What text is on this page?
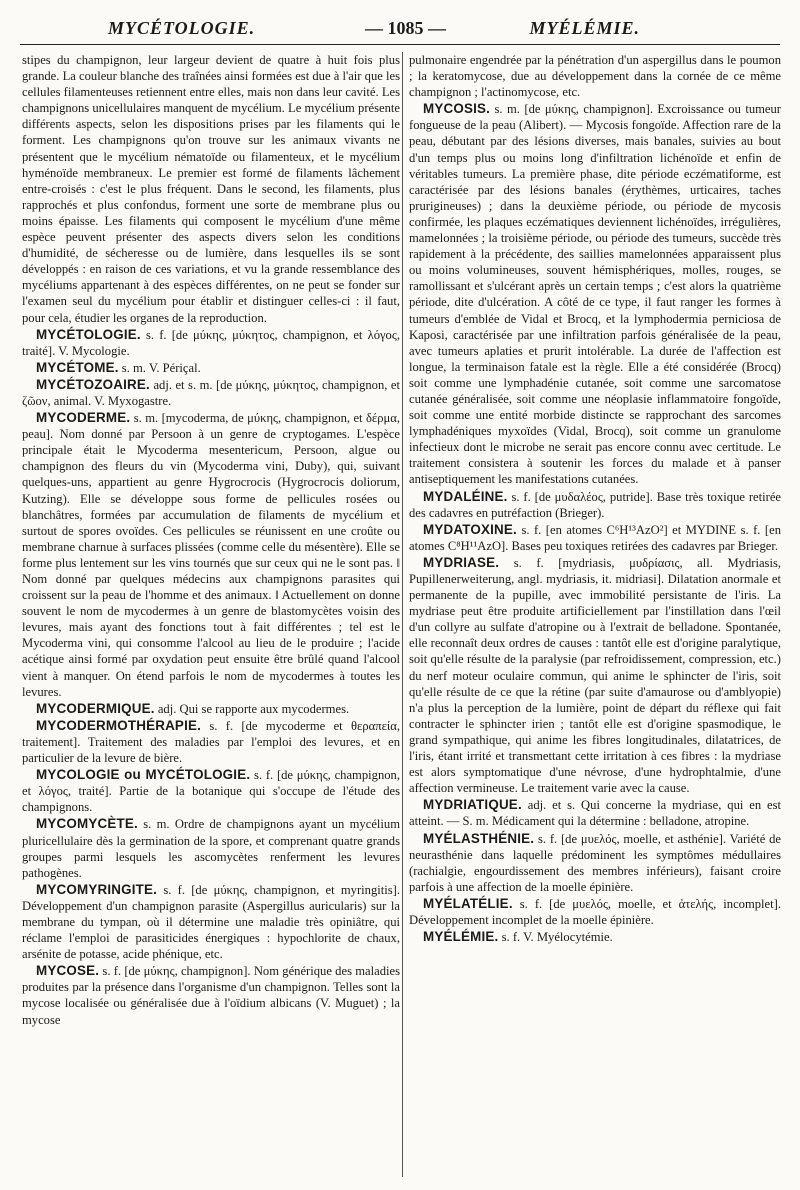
MYCÉTOLOGIE.	— 1085 —	MYÉLÉMIE.

stipes du champignon, leur largeur devient de quatre à huit fois plus grande. La couleur blanche des traînées ainsi formées est due à l'air que les cellules filamenteuses retiennent entre elles, mais non dans leur cavité. Les champignons unicellulaires manquent de mycélium. Le mycélium présente différents aspects, selon les dispositions prises par les filaments qui le forment. Les champignons qu'on trouve sur les animaux vivants ne présentent que le mycélium nématoïde ou filamenteux, et le mycélium hyménoïde membraneux. Le premier est formé de filaments lâchement entre-croisés : c'est le plus fréquent. Dans le second, les filaments, plus rapprochés et plus confondus, forment une sorte de membrane plus ou moins épaisse. Les filaments qui composent le mycélium d'une même espèce peuvent présenter des aspects divers selon les conditions d'humidité, de sécheresse ou de lumière, dans lesquelles ils se sont développés : en raison de ces variations, et vu la grande ressemblance des mycéliums appartenant à des espèces différentes, on ne peut se fonder sur l'examen seul du mycélium pour établir et distinguer celles-ci : il faut, pour cela, étudier les organes de la reproduction.

MYCÉTOLOGIE. s. f. [de μύκης, μύκητος, champignon, et λόγος, traité]. V. Mycologie.

MYCÉTOME. s. m. V. Périçal.

MYCÉTOZOAIRE. adj. et s. m. [de μύκης, μύκητος, champignon, et ζῶον, animal. V. Myxogastre.

MYCODERME. s. m. [mycoderma, de μύκης, champignon, et δέρμα, peau]. Nom donné par Persoon à un genre de cryptogames. L'espèce principale était le Mycoderma mesentericum, Persoon, algue ou champignon des fleurs du vin (Mycoderma vini, Duby), qui, suivant quelques-uns, appartient au genre Hygrocrocis (Hygrocrocis doliorum, Kutzing). Elle se développe sous forme de pellicules rosées ou blanchâtres, formées par accumulation de filaments de mycélium et surtout de spores ovoïdes. Ces pellicules se réunissent en une croûte ou membrane charnue à surfaces plissées (comme celle du mésentère). Elle se forme plus lentement sur les vins tournés que sur ceux qui ne le sont pas. ‖ Nom donné par quelques médecins aux champignons parasites qui croissent sur la peau de l'homme et des animaux. ‖ Actuellement on donne souvent le nom de mycodermes à un genre de blastomycètes voisin des levures, mais ayant des fonctions tout à fait différentes ; tel est le Mycoderma vini, qui consomme l'alcool au lieu de le produire ; l'acide acétique ainsi formé par oxydation peut ensuite être brûlé quand l'alcool vient à manquer. On étend parfois le nom de mycodermes à toutes les levures.

MYCODERMIQUE. adj. Qui se rapporte aux mycodermes.

MYCODERMOTHÉRAPIE. s. f. [de mycoderme et θεραπεία, traitement]. Traitement des maladies par l'emploi des levures, et en particulier de la levure de bière.

MYCOLOGIE ou MYCÉTOLOGIE. s. f. [de μύκης, champignon, et λόγος, traité]. Partie de la botanique qui s'occupe de l'étude des champignons.

MYCOMYCÈTE. s. m. Ordre de champignons ayant un mycélium pluricellulaire dès la germination de la spore, et comprenant quatre grands groupes parmi lesquels les ascomycètes renferment les levures pathogènes.

MYCOMYRINGITE. s. f. [de μύκης, champignon, et myringitis]. Développement d'un champignon parasite (Aspergillus auricularis) sur la membrane du tympan, où il détermine une maladie très opiniâtre, qui réclame l'emploi de parasiticides énergiques : hypochlorite de chaux, arsénite de potasse, acide phénique, etc.

MYCOSE. s. f. [de μύκης, champignon]. Nom générique des maladies produites par la présence dans l'organisme d'un champignon. Telles sont la mycose localisée ou généralisée due à l'oïdium albicans (V. Muguet) ; la mycose

pulmonaire engendrée par la pénétration d'un aspergillus dans le poumon ; la keratomycose, due au développement dans la cornée de ce même champignon ; l'actinomycose, etc.

MYCOSIS. s. m. [de μύκης, champignon]. Excroissance ou tumeur fongueuse de la peau (Alibert). — Mycosis fongoïde. Affection rare de la peau, débutant par des lésions diverses, mais banales, suivies au bout d'un temps plus ou moins long d'infiltration lichénoïde et enfin de véritables tumeurs. La première phase, dite période eczématiforme, est caractérisée par des lésions banales (érythèmes, urticaires, taches prurigineuses) ; dans la deuxième période, ou période de mycosis confirmée, les plaques eczématiques deviennent lichénoïdes, irrégulières, mamelonnées ; la troisième période, ou période des tumeurs, succède très rapidement à la précédente, des saillies mamelonnées apparaissent plus ou moins volumineuses, souvent hémisphériques, molles, rouges, se ramollissant et s'ulcérant après un certain temps ; c'est alors la quatrième période, dite d'ulcération. A côté de ce type, il faut ranger les formes à tumeurs d'emblée de Vidal et Brocq, et la lymphodermia perniciosa de Kaposi, caractérisée par une infiltration parfois généralisée de la peau, avec tumeurs aplaties et prurit intolérable. La durée de l'affection est longue, la terminaison fatale est la règle. Elle a été considérée (Brocq) soit comme une lymphadénie cutanée, soit comme une sarcomatose cutanée généralisée, soit comme une néoplasie inflammatoire fongoïde, soit comme une entité morbide distincte se rapprochant des sarcomes lymphadéniques myxoïdes (Vidal, Brocq), soit comme un granulome infectieux dont le microbe ne serait pas encore connu avec certitude. Le traitement consistera à soutenir les forces du malade et à panser antiseptiquement les manifestations cutanées.

MYDALÉINE. s. f. [de μυδαλέος, putride]. Base très toxique retirée des cadavres en putréfaction (Brieger).

MYDATOXINE. s. f. [en atomes C⁶H¹³AzO²] et MYDINE s. f. [en atomes C⁸H¹¹AzO]. Bases peu toxiques retirées des cadavres par Brieger.

MYDRIASE. s. f. [mydriasis, μυδρίασις, all. Mydriasis, Pupillenerweiterung, angl. mydriasis, it. midriasi]. Dilatation anormale et permanente de la pupille, avec immobilité persistante de l'iris. La mydriase peut être produite artificiellement par l'instillation dans l'œil d'un collyre au sulfate d'atropine ou à l'extrait de belladone. Spontanée, elle reconnaît deux ordres de causes : tantôt elle est d'origine paralytique, soit qu'elle résulte de la paralysie (par refroidissement, compression, etc.) du nerf moteur oculaire commun, qui anime le sphincter de l'iris, soit qu'elle résulte de ce que la rétine (par suite d'amaurose ou d'amblyopie) n'a plus la perception de la lumière, point de départ du réflexe qui fait contracter le sphincter irien ; tantôt elle est d'origine spasmodique, le grand sympathique, qui anime les fibres longitudinales, dilatatrices, de l'iris, étant irrité et transmettant cette irritation à ces fibres : la mydriase est alors symptomatique d'une névrose, d'une hydrophtalmie, d'une affection vermineuse. Le traitement varie avec la cause.

MYDRIATIQUE. adj. et s. Qui concerne la mydriase, qui en est atteint. — S. m. Médicament qui la détermine : belladone, atropine.

MYÉLASTHÉNIE. s. f. [de μυελός, moelle, et asthénie]. Variété de neurasthénie dans laquelle prédominent les symptômes médullaires (rachialgie, engourdissement des membres inférieurs), faisant croire parfois à une affection de la moelle épinière.

MYÉLATÉLIE. s. f. [de μυελός, moelle, et ἀτελής, incomplet]. Développement incomplet de la moelle épinière.

MYÉLÉMIE. s. f. V. Myélocytémie.
